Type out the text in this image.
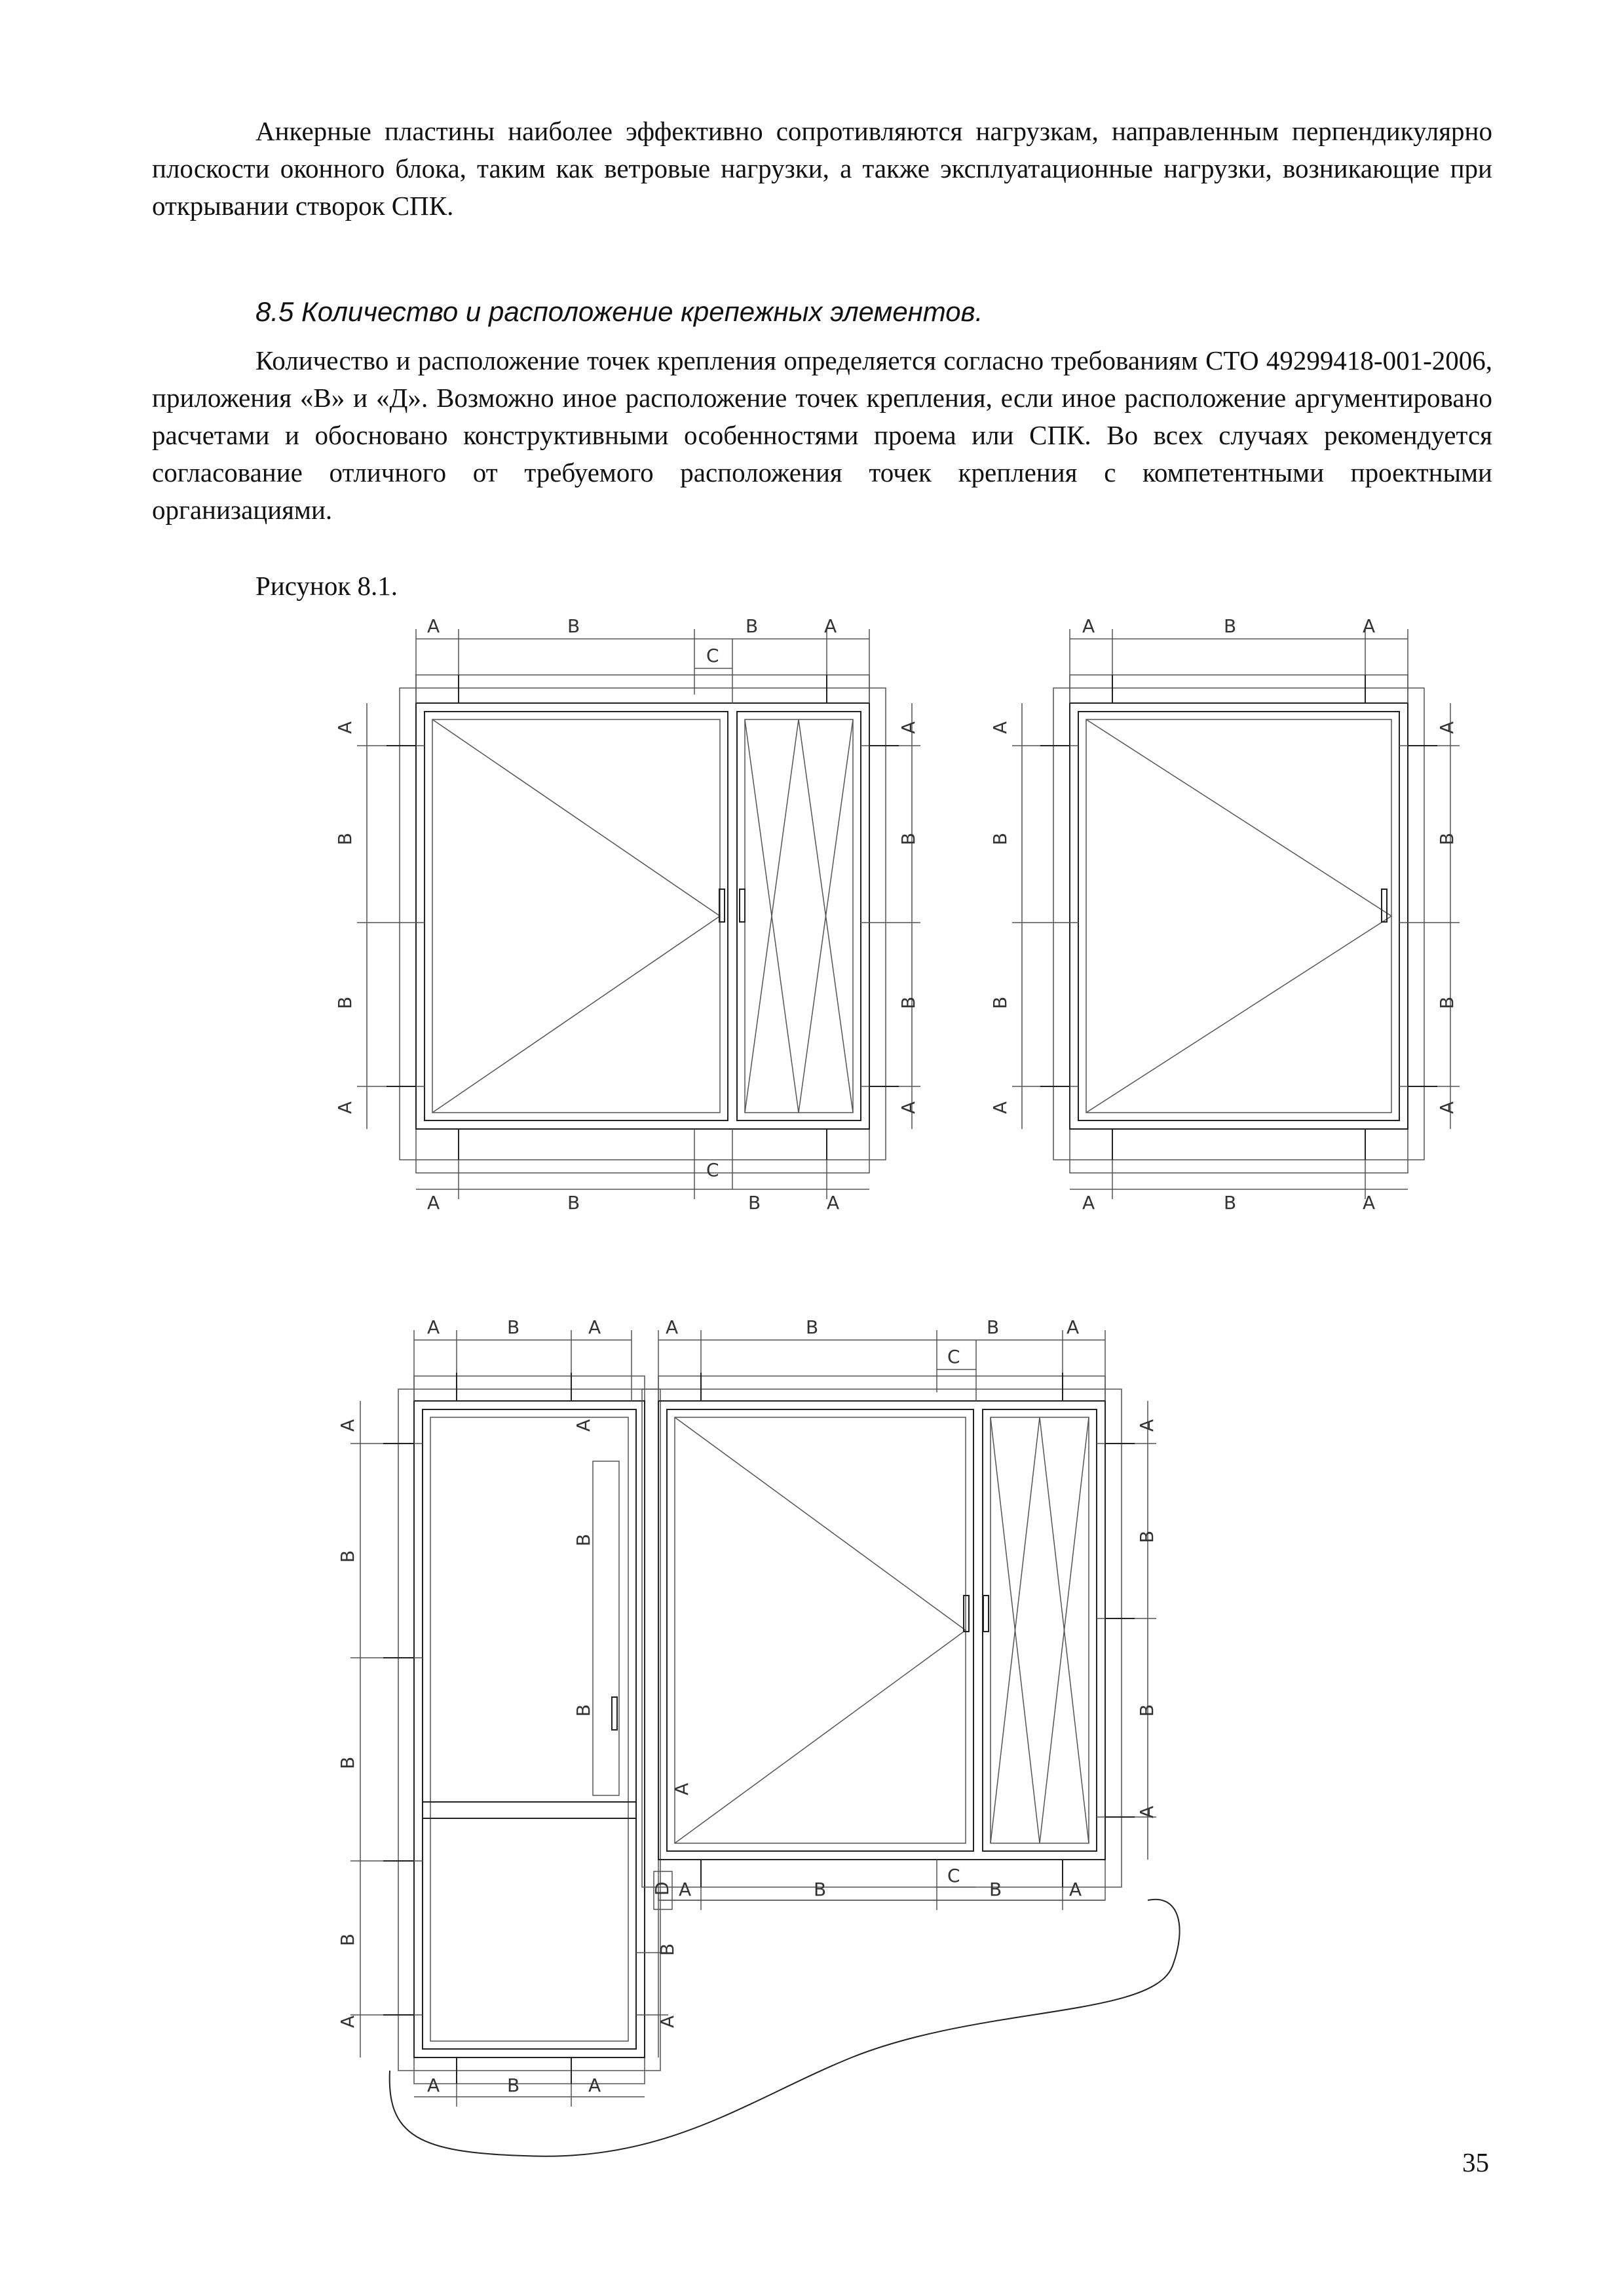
Анкерные пластины наиболее эффективно сопротивляются нагрузкам, направленным перпендикулярно плоскости оконного блока, таким как ветровые нагрузки, а также эксплуатационные нагрузки, возникающие при открывании створок СПК.

8.5 Количество и расположение крепежных элементов.

Количество и расположение точек крепления определяется согласно требованиям СТО 49299418-001-2006, приложения «В» и «Д». Возможно иное расположение точек крепления, если иное расположение аргументировано расчетами и обосновано конструктивными особенностями проема или СПК. Во всех случаях рекомендуется согласование отличного от требуемого расположения точек крепления с компетентными проектными организациями.

Рисунок 8.1.

A	B	B	A
C
A	B	B	A
C
A
B
B
A
A
B
B
A
A	B	A
A	B	A
A
B
B
A
A
B
B
A
A	B	A	A	B	B	A
C
A	B	B	A
C
D
A	B	A
A
B
B
B
A
A
B
B
A
B
A
A
B
B
A

35
